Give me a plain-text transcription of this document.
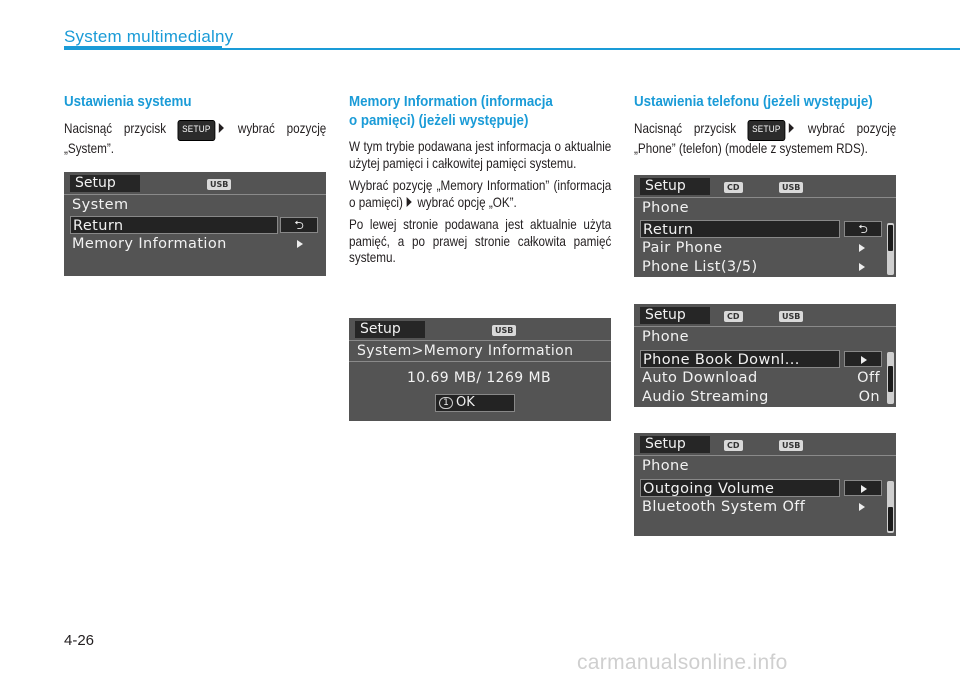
System multimedialny
Ustawienia systemu
Nacisnąć przycisk SETUP wybrać pozycję „System”.
Setup	USB
System
Return	⮌
Memory Information
Memory Information (informacja
o pamięci) (jeżeli występuje)
W tym trybie podawana jest informacja o aktualnie użytej pamięci i całkowitej pamięci systemu.
Wybrać pozycję „Memory Information” (informacja o pamięci) wybrać opcję „OK”.
Po lewej stronie podawana jest aktualnie użyta pamięć, a po prawej stronie całkowita pamięć systemu.
Setup	USB
System>Memory Information
10.69 MB/ 1269 MB
1 OK
Ustawienia telefonu (jeżeli występuje)
Nacisnąć przycisk SETUP wybrać pozycję „Phone” (telefon) (modele z systemem RDS).
Setup	CD	USB
Phone
Return	⮌
Pair Phone
Phone List(3/5)
Setup	CD	USB
Phone
Phone Book Downl...
Auto Download	Off
Audio Streaming	On
Setup	CD	USB
Phone
Outgoing Volume
Bluetooth System Off
4-26
carmanualsonline.info
